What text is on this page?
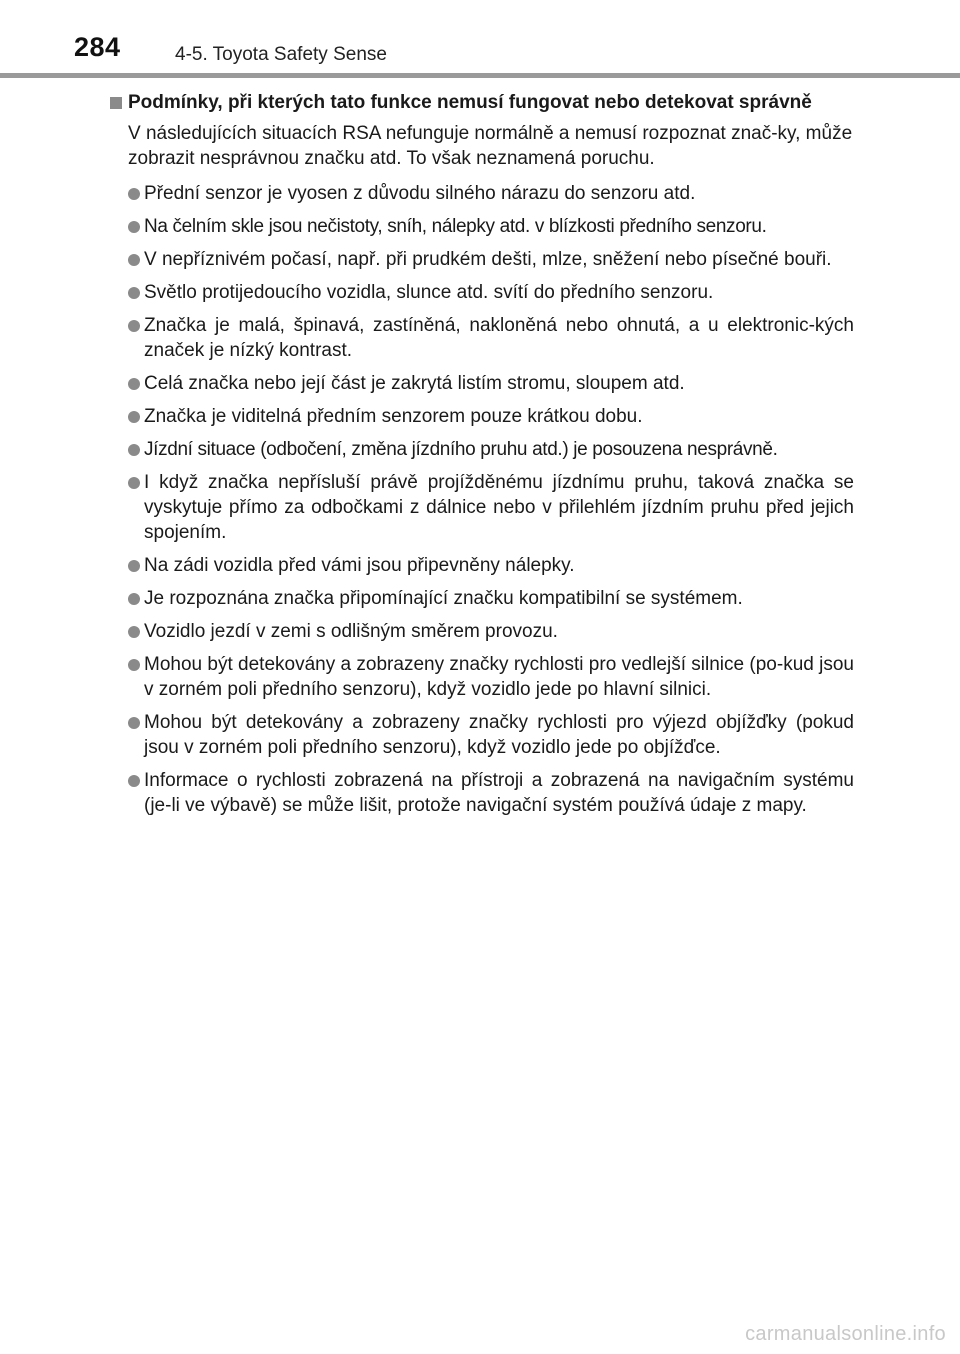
284	4-5. Toyota Safety Sense
Podmínky, při kterých tato funkce nemusí fungovat nebo detekovat správně
V následujících situacích RSA nefunguje normálně a nemusí rozpoznat znač-ky, může zobrazit nesprávnou značku atd. To však neznamená poruchu.
Přední senzor je vyosen z důvodu silného nárazu do senzoru atd.
Na čelním skle jsou nečistoty, sníh, nálepky atd. v blízkosti předního senzoru.
V nepříznivém počasí, např. při prudkém dešti, mlze, sněžení nebo písečné bouři.
Světlo protijedoucího vozidla, slunce atd. svítí do předního senzoru.
Značka je malá, špinavá, zastíněná, nakloněná nebo ohnutá, a u elektronic-kých značek je nízký kontrast.
Celá značka nebo její část je zakrytá listím stromu, sloupem atd.
Značka je viditelná předním senzorem pouze krátkou dobu.
Jízdní situace (odbočení, změna jízdního pruhu atd.) je posouzena nesprávně.
I když značka nepřísluší právě projížděnému jízdnímu pruhu, taková značka se vyskytuje přímo za odbočkami z dálnice nebo v přilehlém jízdním pruhu před jejich spojením.
Na zádi vozidla před vámi jsou připevněny nálepky.
Je rozpoznána značka připomínající značku kompatibilní se systémem.
Vozidlo jezdí v zemi s odlišným směrem provozu.
Mohou být detekovány a zobrazeny značky rychlosti pro vedlejší silnice (po-kud jsou v zorném poli předního senzoru), když vozidlo jede po hlavní silnici.
Mohou být detekovány a zobrazeny značky rychlosti pro výjezd objížďky (pokud jsou v zorném poli předního senzoru), když vozidlo jede po objížďce.
Informace o rychlosti zobrazená na přístroji a zobrazená na navigačním systému (je-li ve výbavě) se může lišit, protože navigační systém používá údaje z mapy.
carmanualsonline.info
